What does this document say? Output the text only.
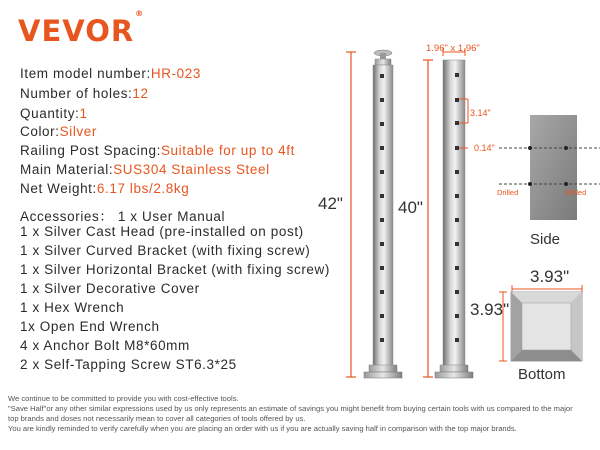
VEVOR®
Item model number:HR-023
Number of holes:12
Quantity:1
Color:Silver
Railing Post Spacing:Suitable for up to 4ft
Main Material:SUS304 Stainless Steel
Net Weight:6.17 lbs/2.8kg
Accessories： 1 x User Manual
1 x Silver Cast Head (pre-installed on post)
1 x Silver Curved Bracket (with fixing screw)
1 x Silver Horizontal Bracket (with fixing screw)
1 x Silver Decorative Cover
1 x Hex Wrench
1x Open End Wrench
4 x Anchor Bolt M8*60mm
2 x Self-Tapping Screw ST6.3*25
1.96" x 1.96"
42"	40"
3.14"
0.14"
Drilled	Drilled
Side
3.93"
3.93"
Bottom
We continue to be committed to provide you with cost-effective tools.
"Save Half"or any other similar expressions used by us only represents an estimate of savings you might benefit from buying certain tools with us compared to the major
top brands and doses not necessarily mean to cover all categories of tools offered by us.
You are kindly reminded to verify carefully when you are placing an order with us if you are actually saving half in comparison with the top major brands.
